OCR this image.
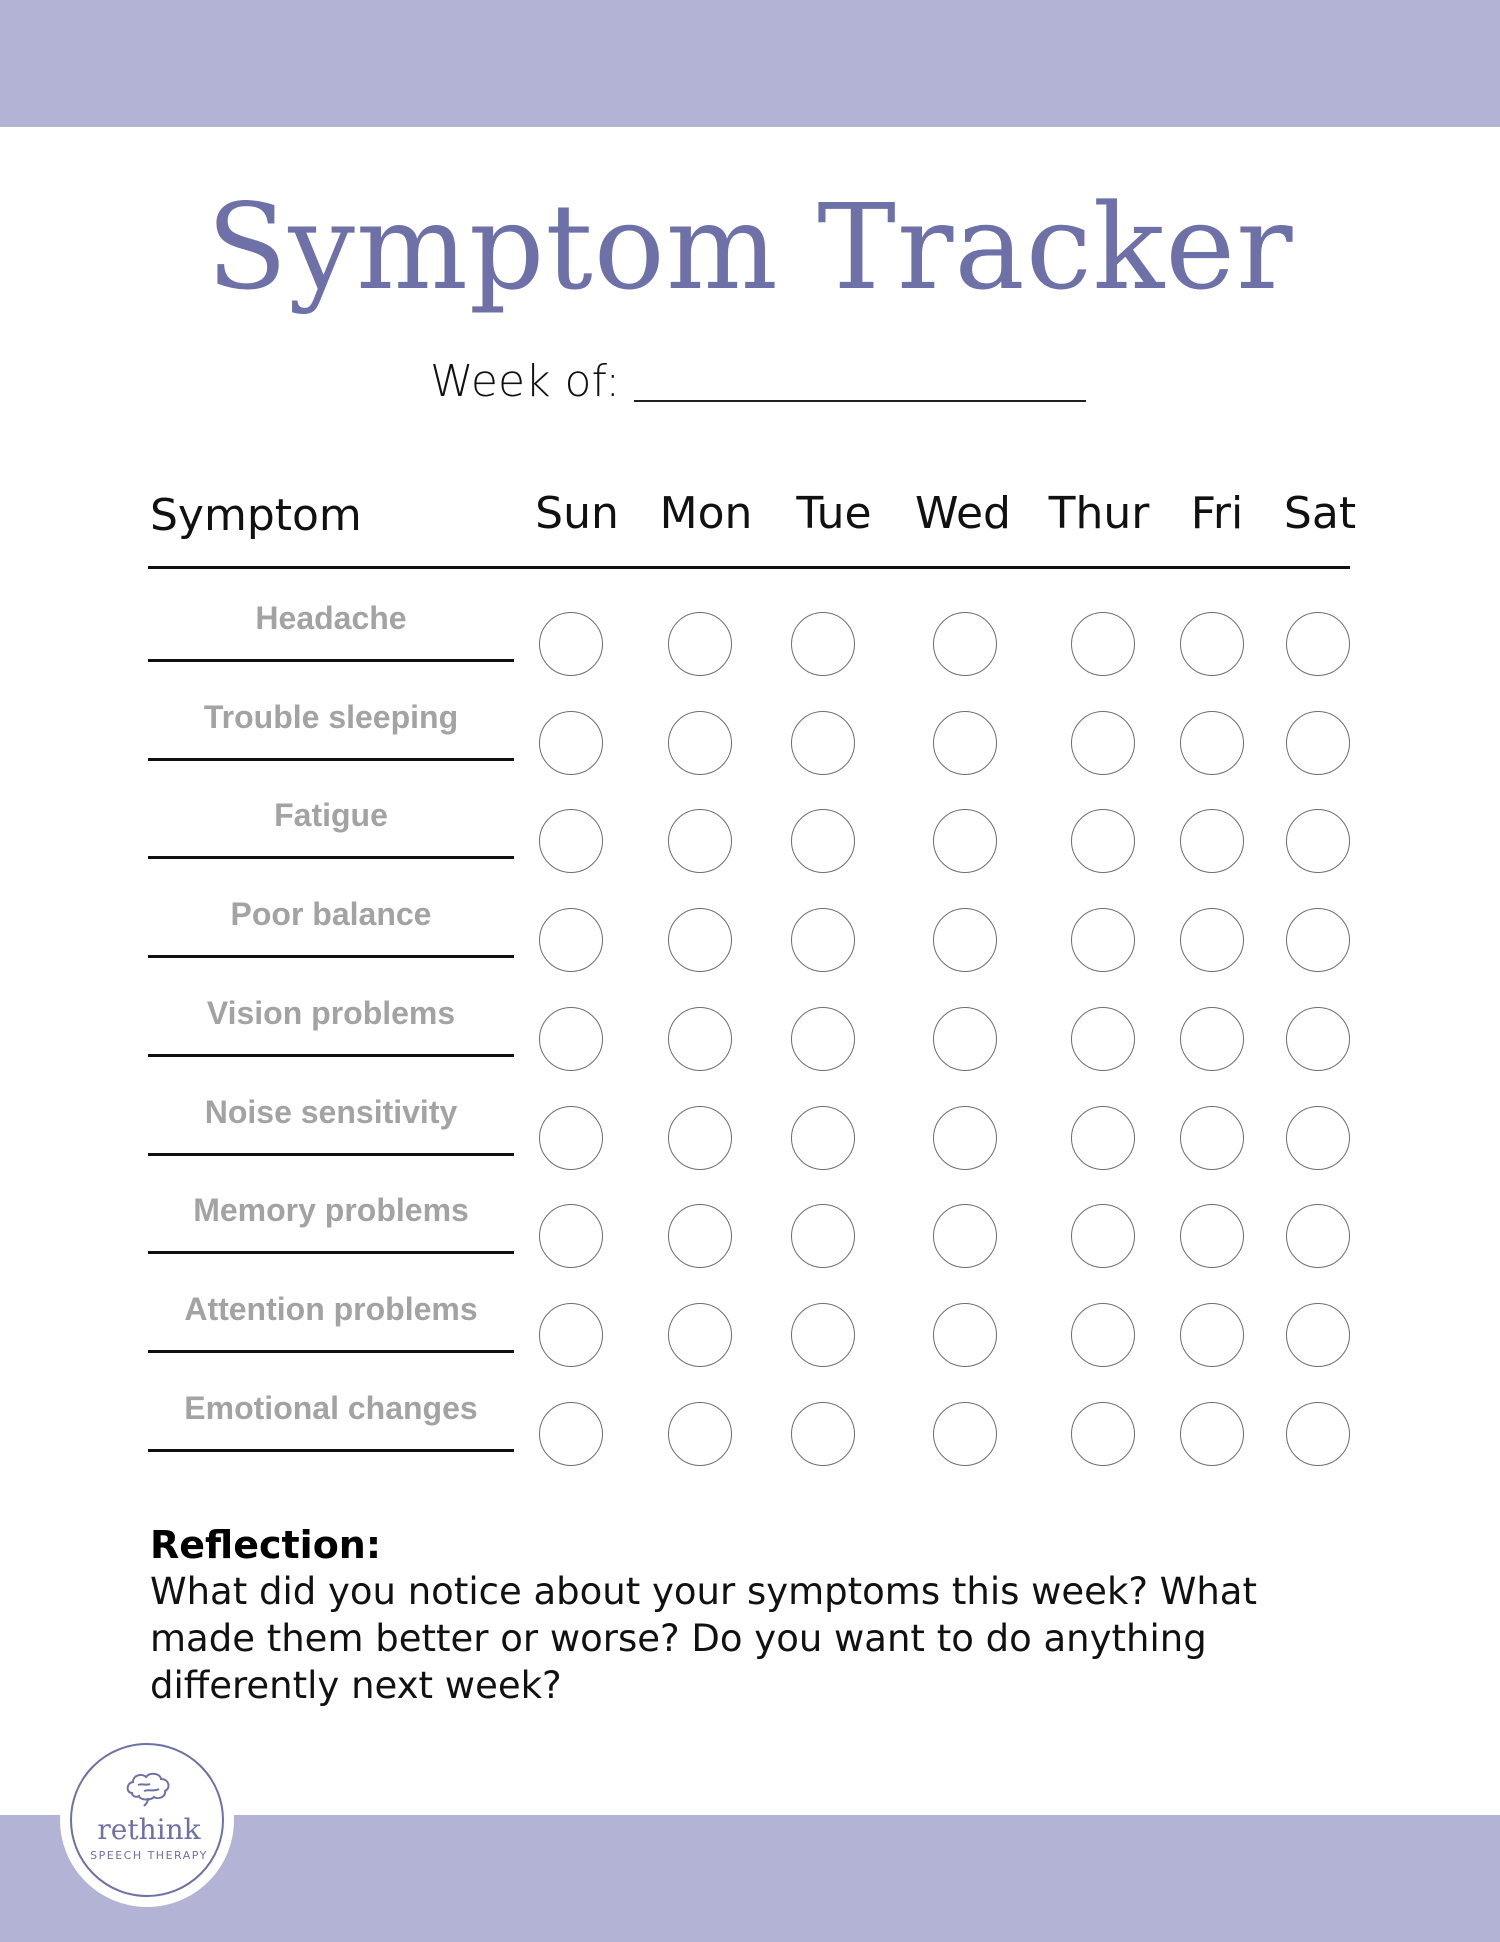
Symptom Tracker
Week of:
Symptom	Sun Mon	Tue Wed Thur Fri Sat
Headache
Trouble sleeping
Fatigue
Poor balance
Vision problems
Noise sensitivity
Memory problems
Attention problems
Emotional changes
Reflection:
What did you notice about your symptoms this week? What made them better or worse? Do you want to do anything differently next week?
rethink
SPEECH THERAPY
